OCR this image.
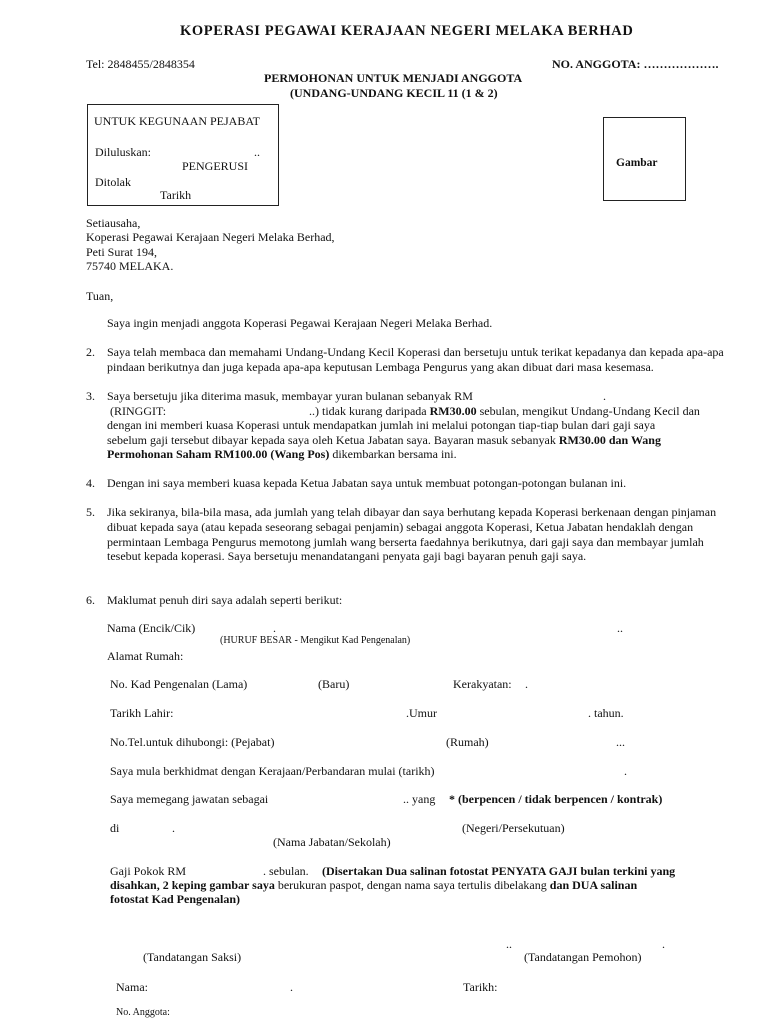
KOPERASI PEGAWAI KERAJAAN NEGERI MELAKA BERHAD
Tel: 2848455/2848354	NO. ANGGOTA: ……………….
PERMOHONAN UNTUK MENJADI ANGGOTA
(UNDANG-UNDANG KECIL 11 (1 & 2)
UNTUK KEGUNAAN PEJABAT
Diluluskan:	..
PENGERUSI
Ditolak
Tarikh
Gambar
Setiausaha,
Koperasi Pegawai Kerajaan Negeri Melaka Berhad,
Peti Surat 194,
75740 MELAKA.
Tuan,
Saya ingin menjadi anggota Koperasi Pegawai Kerajaan Negeri Melaka Berhad.
2. Saya telah membaca dan memahami Undang-Undang Kecil Koperasi dan bersetuju untuk terikat kepadanya dan kepada apa-apa pindaan berikutnya dan juga kepada apa-apa keputusan Lembaga Pengurus yang akan dibuat dari masa kesemasa.
3. Saya bersetuju jika diterima masuk, membayar yuran bulanan sebanyak RM	.
(RINGGIT:	..) tidak kurang daripada RM30.00 sebulan, mengikut Undang-Undang Kecil dan
dengan ini memberi kuasa Koperasi untuk mendapatkan jumlah ini melalui potongan tiap-tiap bulan dari gaji saya
sebelum gaji tersebut dibayar kepada saya oleh Ketua Jabatan saya. Bayaran masuk sebanyak RM30.00 dan Wang
Permohonan Saham RM100.00 (Wang Pos) dikembarkan bersama ini.
4. Dengan ini saya memberi kuasa kepada Ketua Jabatan saya untuk membuat potongan-potongan bulanan ini.
5. Jika sekiranya, bila-bila masa, ada jumlah yang telah dibayar dan saya berhutang kepada Koperasi berkenaan dengan pinjaman dibuat kepada saya (atau kepada seseorang sebagai penjamin) sebagai anggota Koperasi, Ketua Jabatan hendaklah dengan permintaan Lembaga Pengurus memotong jumlah wang berserta faedahnya berikutnya, dari gaji saya dan membayar jumlah tesebut kepada koperasi. Saya bersetuju menandatangani penyata gaji bagi bayaran penuh gaji saya.
6. Maklumat penuh diri saya adalah seperti berikut:
Nama (Encik/Cik)	.	..
(HURUF BESAR - Mengikut Kad Pengenalan)
Alamat Rumah:
No. Kad Pengenalan (Lama)	(Baru)	Kerakyatan: .
Tarikh Lahir:	.Umur	. tahun.
No.Tel.untuk dihubongi: (Pejabat)	(Rumah)	...
Saya mula berkhidmat dengan Kerajaan/Perbandaran mulai (tarikh)	.
Saya memegang jawatan sebagai	.. yang * (berpencen / tidak berpencen / kontrak)
di	.	(Negeri/Persekutuan)
(Nama Jabatan/Sekolah)
Gaji Pokok RM	. sebulan. (Disertakan Dua salinan fotostat PENYATA GAJI bulan terkini yang
disahkan, 2 keping gambar saya berukuran paspot, dengan nama saya tertulis dibelakang dan DUA salinan
fotostat Kad Pengenalan)
..	.
(Tandatangan Saksi)	(Tandatangan Pemohon)
Nama:	.	Tarikh:
No. Anggota:
